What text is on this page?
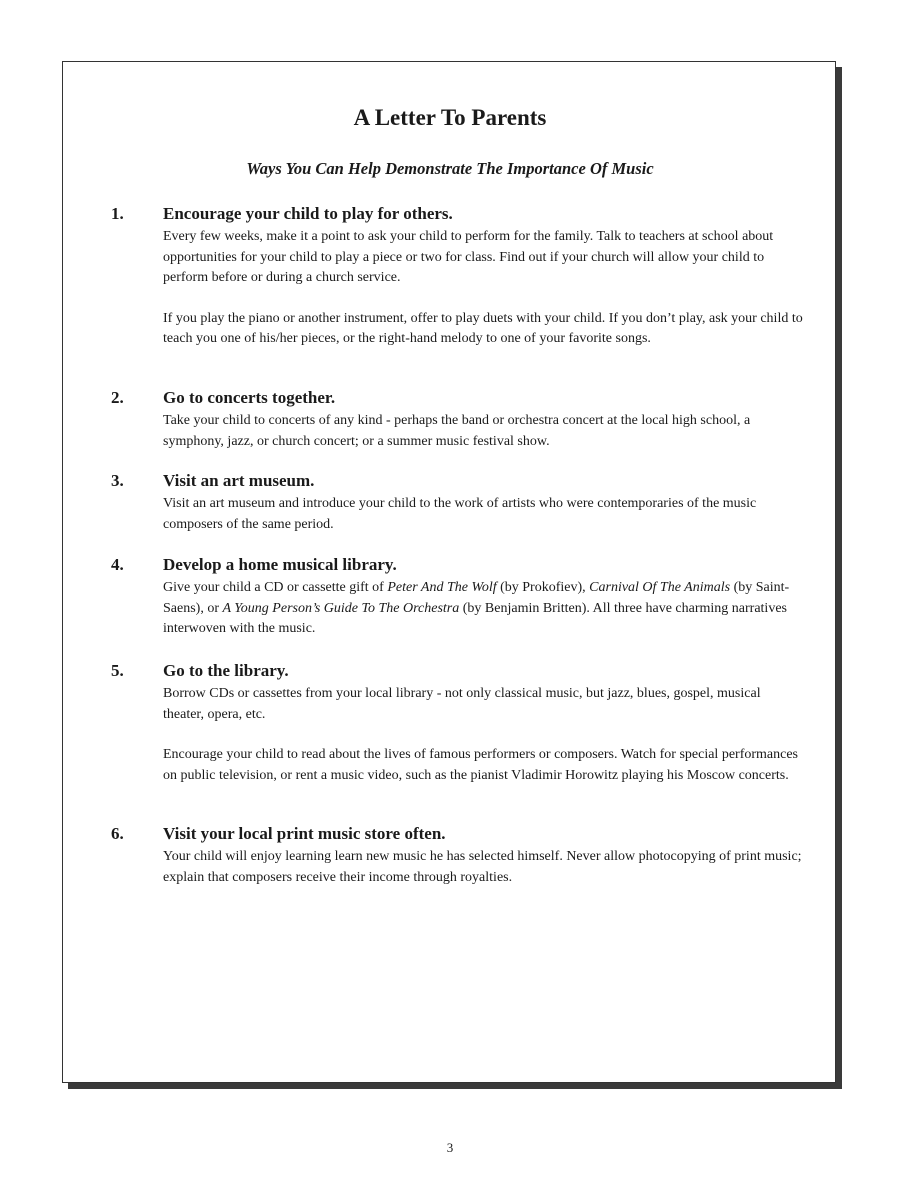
A Letter To Parents
Ways You Can Help Demonstrate The Importance Of Music
1. Encourage your child to play for others.

Every few weeks, make it a point to ask your child to perform for the family. Talk to teachers at school about opportunities for your child to play a piece or two for class. Find out if your church will allow your child to perform before or during a church service.

If you play the piano or another instrument, offer to play duets with your child. If you don’t play, ask your child to teach you one of his/her pieces, or the right-hand melody to one of your favorite songs.

2. Go to concerts together.

Take your child to concerts of any kind - perhaps the band or orchestra concert at the local high school, a symphony, jazz, or church concert; or a summer music festival show.

3. Visit an art museum.

Visit an art museum and introduce your child to the work of artists who were contemporaries of the music composers of the same period.

4. Develop a home musical library.

Give your child a CD or cassette gift of Peter And The Wolf (by Prokofiev), Carnival Of The Animals (by Saint-Saens), or A Young Person’s Guide To The Orchestra (by Benjamin Britten). All three have charming narratives interwoven with the music.

5. Go to the library.

Borrow CDs or cassettes from your local library - not only classical music, but jazz, blues, gospel, musical theater, opera, etc.

Encourage your child to read about the lives of famous performers or composers. Watch for special performances on public television, or rent a music video, such as the pianist Vladimir Horowitz playing his Moscow concerts.

6. Visit your local print music store often.

Your child will enjoy learning learn new music he has selected himself. Never allow photocopying of print music; explain that composers receive their income through royalties.

3
